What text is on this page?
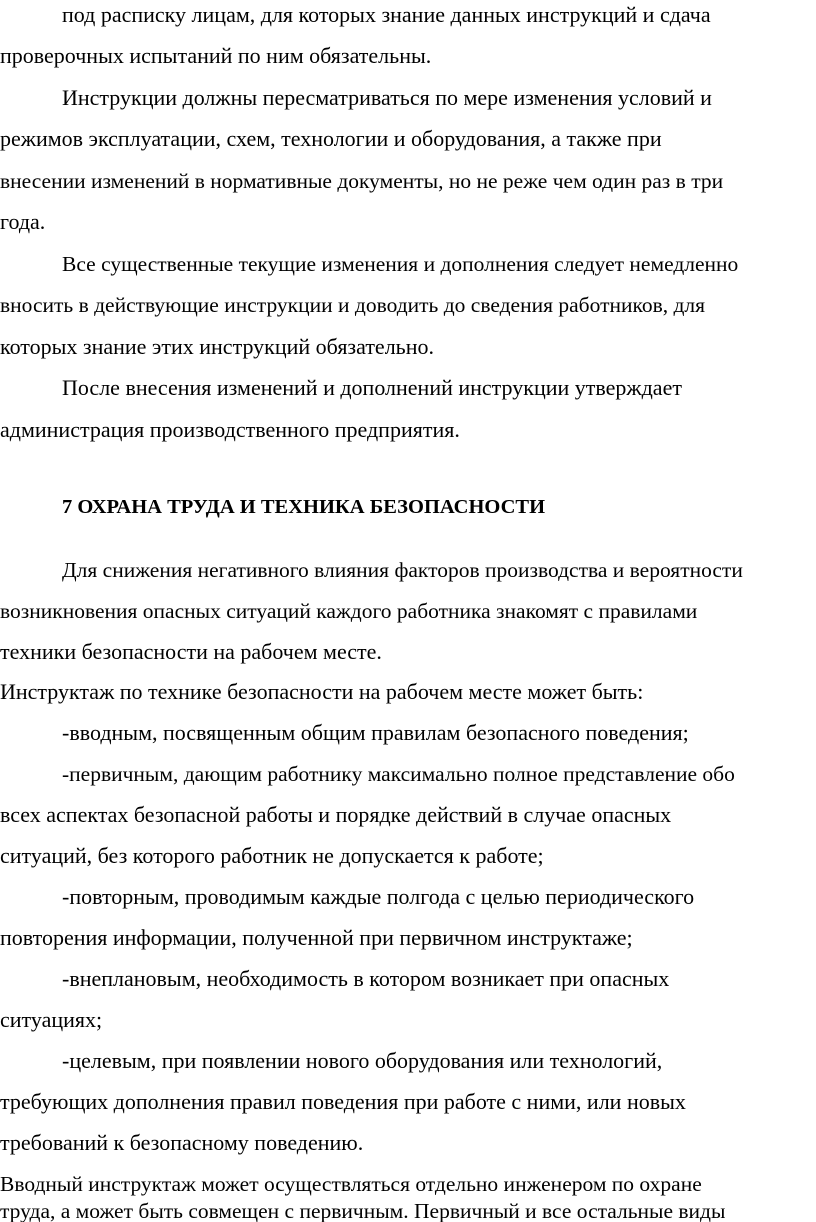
под расписку лицам, для которых знание данных инструкций и сдача
проверочных испытаний по ним обязательны.
Инструкции должны пересматриваться по мере изменения условий и
режимов эксплуатации, схем, технологии и оборудования, а также при
внесении изменений в нормативные документы, но не реже чем один раз в три
года.
Все существенные текущие изменения и дополнения следует немедленно
вносить в действующие инструкции и доводить до сведения работников, для
которых знание этих инструкций обязательно.
После внесения изменений и дополнений инструкции утверждает
администрация производственного предприятия.
7 ОХРАНА ТРУДА И ТЕХНИКА БЕЗОПАСНОСТИ
Для снижения негативного влияния факторов производства и вероятности
возникновения опасных ситуаций каждого работника знакомят с правилами
техники безопасности на рабочем месте.
Инструктаж по технике безопасности на рабочем месте может быть:
-вводным, посвященным общим правилам безопасного поведения;
-первичным, дающим работнику максимально полное представление обо
всех аспектах безопасной работы и порядке действий в случае опасных
ситуаций, без которого работник не допускается к работе;
-повторным, проводимым каждые полгода с целью периодического
повторения информации, полученной при первичном инструктаже;
-внеплановым, необходимость в котором возникает при опасных
ситуациях;
-целевым, при появлении нового оборудования или технологий,
требующих дополнения правил поведения при работе с ними, или новых
требований к безопасному поведению.
Вводный инструктаж может осуществляться отдельно инженером по охране
труда, а может быть совмещен с первичным. Первичный и все остальные виды
